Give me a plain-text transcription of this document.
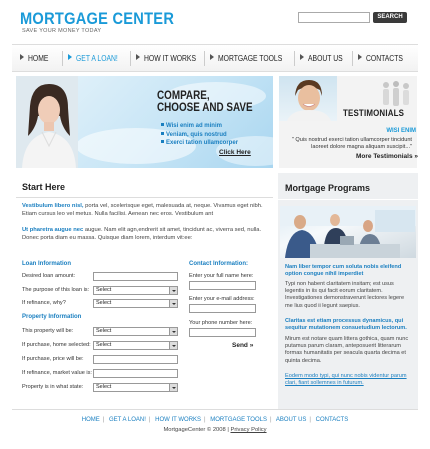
MORTGAGE CENTER
SAVE YOUR MONEY TODAY
SEARCH
HOME	GET A LOAN!	HOW IT WORKS	MORTGAGE TOOLS	ABOUT US	CONTACTS
COMPARE,
CHOOSE AND SAVE
Wisi enim ad minim
Veniam, quis nostrud
Exerci tation ullamcorper
Click Here
TESTIMONIALS
WISI ENIM
" Quis nostrud exerci tation ullamcorper tincidunt laoreet dolore magna aliquam suscipit..."
More Testimonials »
Start Here
Vestibulum libero nisl, porta vel, scelerisque eget, malesuada at, neque. Vivamus eget nibh. Etiam cursus leo vel metus. Nulla facilisi. Aenean nec eros. Vestibulum ant
Ut pharetra augue nec augue. Nam elit agn,endrerit sit amet, tincidunt ac, viverra sed, nulla. Donec porta diam eu massa. Quisque diam lorem, interdum vit:ee:
Loan Information
Desired loan amount:
The purpose of this loan is:	Select
If refinance, why?	Select
Property Information
This property will be:	Select
If purchase, home selected: Select
If purchase, price will be:
If refinance, market value is:
Property is in what state:	Select
Contact Information:
Enter your full name here:
Enter your e-mail address:
Your phone number here:
Send »
Mortgage Programs
Nam liber tempor cum soluta nobis eleifend option congue nihil imperdiet
Typi non habent claritatem insitam; est usus legentis in iis qui facit eorum claritatem. Investigationes demonstraverunt lectores legere me lius quod ii legunt saepius.
Claritas est etiam processus dynamicus, qui sequitur mutationem consuetudium lectorum.
Mirum est notare quam littera gothica, quam nunc putamus parum claram, anteposuerit litterarum formas humanitatis per seacula quarta decima et quinta decima.
Eodem modo typi, qui nunc nobis videntur parum clari, fiant sollemnes in futurum.
HOME | GET A LOAN! | HOW IT WORKS | MORTGAGE TOOLS | ABOUT US | CONTACTS
MortgageCenter © 2008 | Privacy Policy
